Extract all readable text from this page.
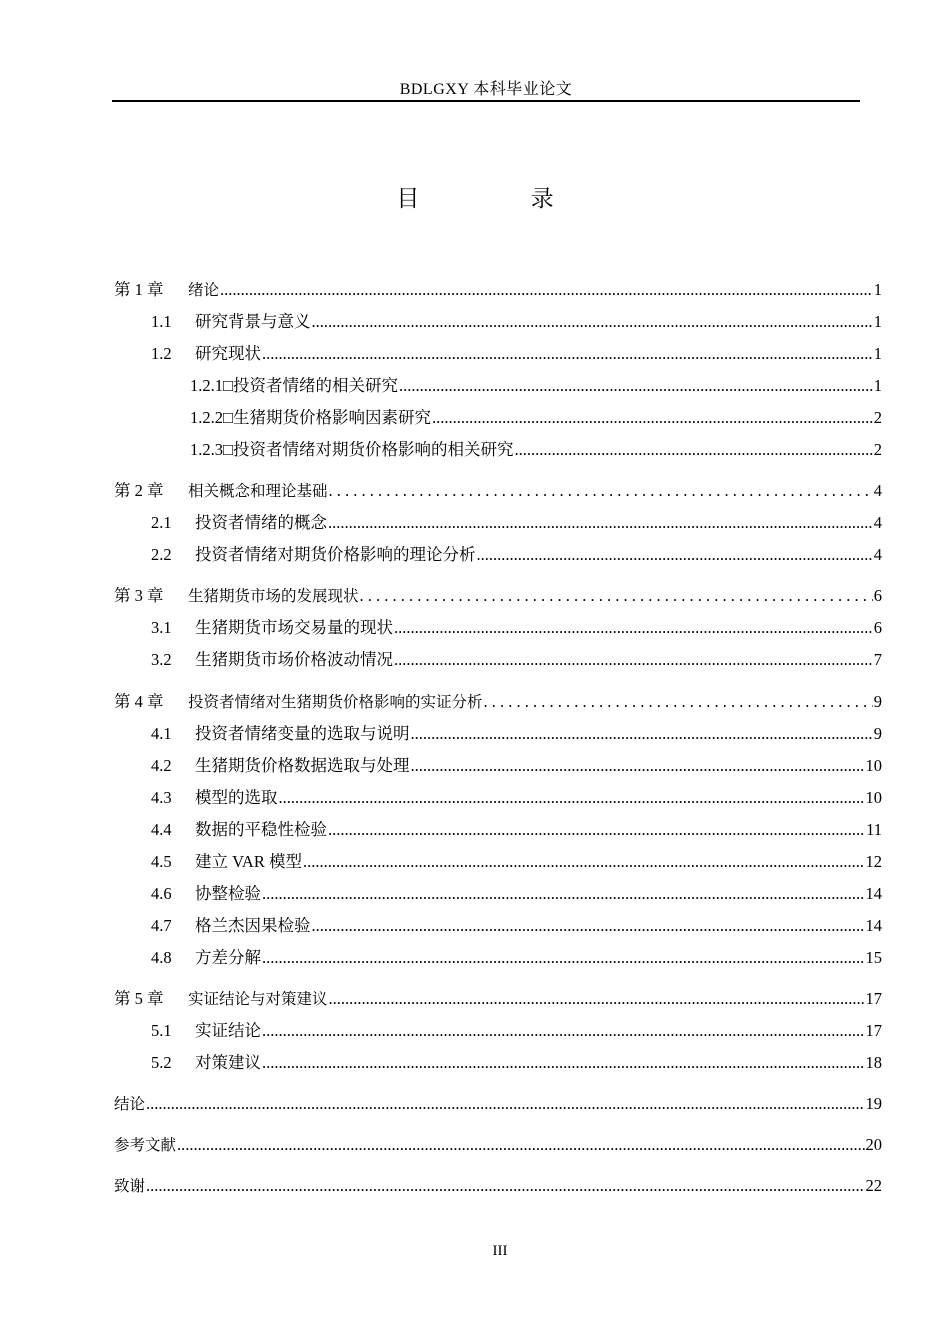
BDLGXY 本科毕业论文
目 录
第 1 章	绪论 .....	1
1.1	研究背景与意义 .....	1
1.2	研究现状 .....	1
1.2.1□ 投资者情绪的相关研究 .....	1
1.2.2□ 生猪期货价格影响因素研究 .....	2
1.2.3□ 投资者情绪对期货价格影响的相关研究 .....	2
第 2 章	相关概念和理论基础 . . .	4
2.1	投资者情绪的概念 .....	4
2.2	投资者情绪对期货价格影响的理论分析 .....	4
第 3 章	生猪期货市场的发展现状 . . .	6
3.1	生猪期货市场交易量的现状 .....	6
3.2	生猪期货市场价格波动情况 .....	7
第 4 章	投资者情绪对生猪期货价格影响的实证分析 . . .	9
4.1	投资者情绪变量的选取与说明 .....	9
4.2	生猪期货价格数据选取与处理 .....	10
4.3	模型的选取 .....	10
4.4	数据的平稳性检验 .....	11
4.5	建立 VAR 模型 .....	12
4.6	协整检验 .....	14
4.7	格兰杰因果检验 .....	14
4.8	方差分解 .....	15
第 5 章	实证结论与对策建议 .....	17
5.1	实证结论 .....	17
5.2	对策建议 .....	18
结论 .....	19
参考文献 .....	20
致谢 .....	22
III
